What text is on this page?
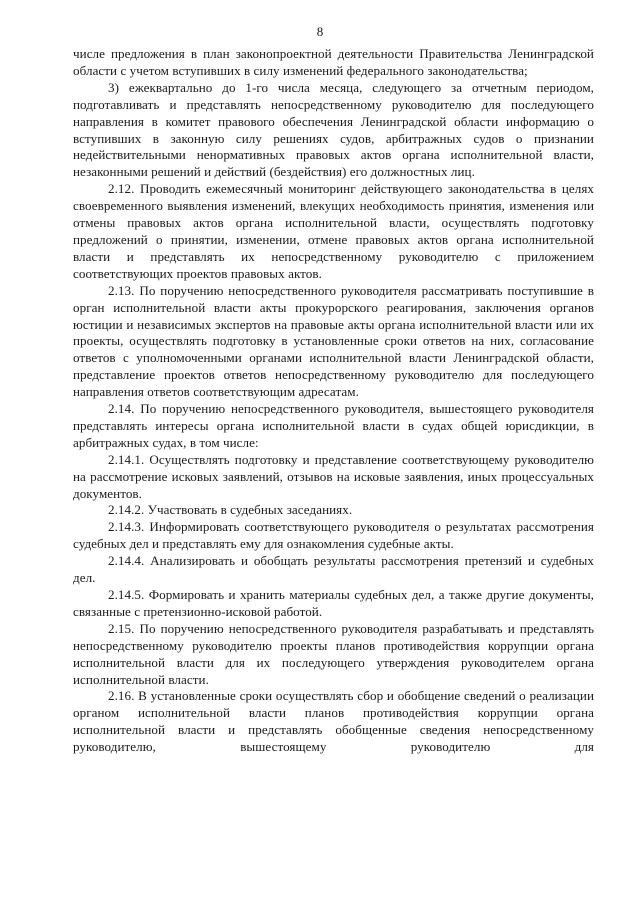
8

числе предложения в план законопроектной деятельности Правительства Ленинградской области с учетом вступивших в силу изменений федерального законодательства;

3) ежеквартально до 1-го числа месяца, следующего за отчетным периодом, подготавливать и представлять непосредственному руководителю для последующего направления в комитет правового обеспечения Ленинградской области информацию о вступивших в законную силу решениях судов, арбитражных судов о признании недействительными ненормативных правовых актов органа исполнительной власти, незаконными решений и действий (бездействия) его должностных лиц.

2.12. Проводить ежемесячный мониторинг действующего законодательства в целях своевременного выявления изменений, влекущих необходимость принятия, изменения или отмены правовых актов органа исполнительной власти, осуществлять подготовку предложений о принятии, изменении, отмене правовых актов органа исполнительной власти и представлять их непосредственному руководителю с приложением соответствующих проектов правовых актов.

2.13. По поручению непосредственного руководителя рассматривать поступившие в орган исполнительной власти акты прокурорского реагирования, заключения органов юстиции и независимых экспертов на правовые акты органа исполнительной власти или их проекты, осуществлять подготовку в установленные сроки ответов на них, согласование ответов с уполномоченными органами исполнительной власти Ленинградской области, представление проектов ответов непосредственному руководителю для последующего направления ответов соответствующим адресатам.

2.14. По поручению непосредственного руководителя, вышестоящего руководителя представлять интересы органа исполнительной власти в судах общей юрисдикции, в арбитражных судах, в том числе:

2.14.1. Осуществлять подготовку и представление соответствующему руководителю на рассмотрение исковых заявлений, отзывов на исковые заявления, иных процессуальных документов.

2.14.2. Участвовать в судебных заседаниях.

2.14.3. Информировать соответствующего руководителя о результатах рассмотрения судебных дел и представлять ему для ознакомления судебные акты.

2.14.4. Анализировать и обобщать результаты рассмотрения претензий и судебных дел.

2.14.5. Формировать и хранить материалы судебных дел, а также другие документы, связанные с претензионно-исковой работой.

2.15. По поручению непосредственного руководителя разрабатывать и представлять непосредственному руководителю проекты планов противодействия коррупции органа исполнительной власти для их последующего утверждения руководителем органа исполнительной власти.

2.16. В установленные сроки осуществлять сбор и обобщение сведений о реализации органом исполнительной власти планов противодействия коррупции органа исполнительной власти и представлять обобщенные сведения непосредственному руководителю, вышестоящему руководителю для
